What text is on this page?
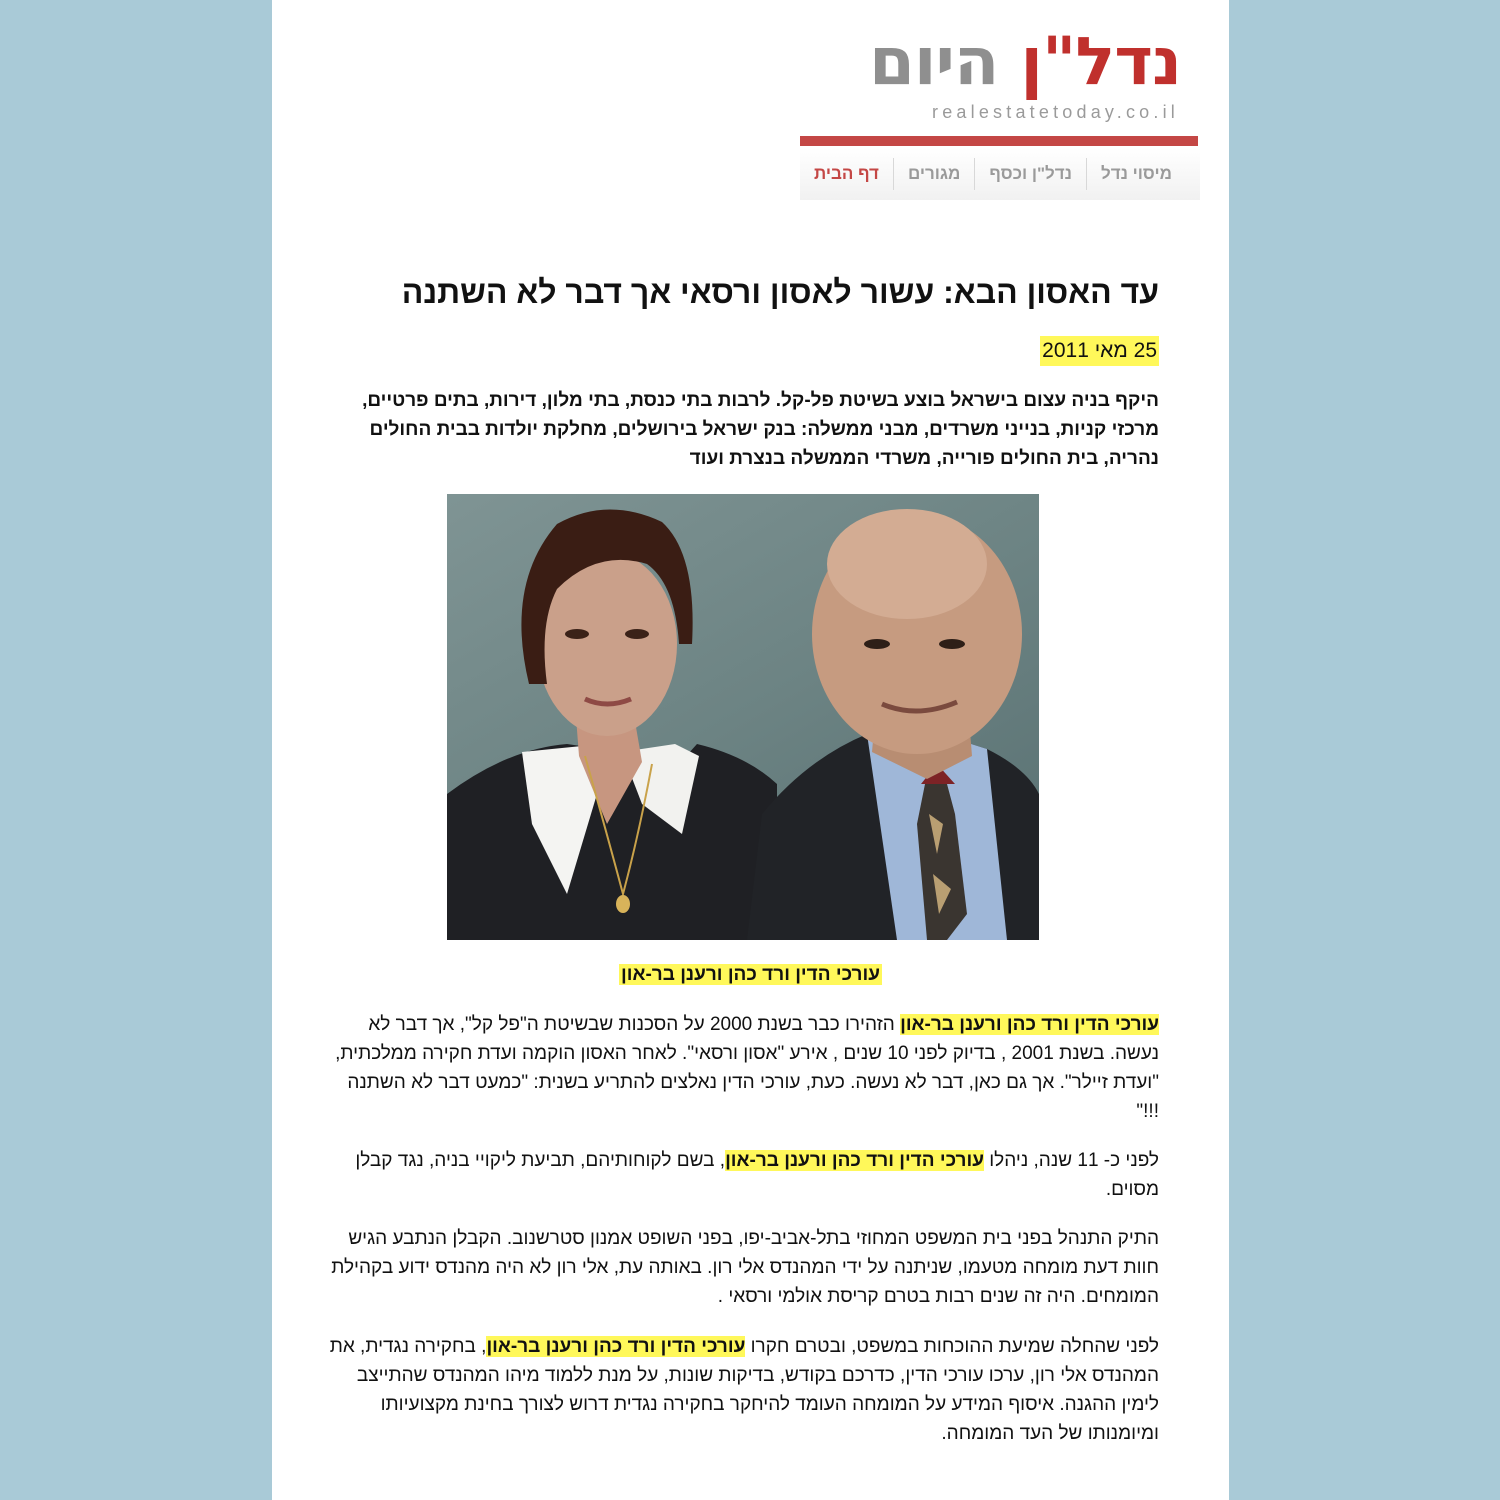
נדל"ן היום
realestatetoday.co.il
דף הבית	מגורים	נדל"ן וכסף	מיסוי נדל
עד האסון הבא: עשור לאסון ורסאי אך דבר לא השתנה
25 מאי 2011

היקף בניה עצום בישראל בוצע בשיטת פל-קל. לרבות בתי כנסת, בתי מלון, דירות, בתים פרטיים, מרכזי קניות, בנייני משרדים, מבני ממשלה: בנק ישראל בירושלים, מחלקת יולדות בבית החולים נהריה, בית החולים פורייה, משרדי הממשלה בנצרת ועוד

עורכי הדין ורד כהן ורענן בר-און

עורכי הדין ורד כהן ורענן בר-און הזהירו כבר בשנת 2000 על הסכנות שבשיטת ה"פל קל", אך דבר לא נעשה. בשנת 2001 , בדיוק לפני 10 שנים , אירע "אסון ורסאי". לאחר האסון הוקמה ועדת חקירה ממלכתית, "ועדת זיילר". אך גם כאן, דבר לא נעשה. כעת, עורכי הדין נאלצים להתריע בשנית: "כמעט דבר לא השתנה !!!"

לפני כ- 11 שנה, ניהלו עורכי הדין ורד כהן ורענן בר-און, בשם לקוחותיהם, תביעת ליקויי בניה, נגד קבלן מסוים.

התיק התנהל בפני בית המשפט המחוזי בתל-אביב-יפו, בפני השופט אמנון סטרשנוב. הקבלן הנתבע הגיש חוות דעת מומחה מטעמו, שניתנה על ידי המהנדס אלי רון. באותה עת, אלי רון לא היה מהנדס ידוע בקהילת המומחים. היה זה שנים רבות בטרם קריסת אולמי ורסאי .

לפני שהחלה שמיעת ההוכחות במשפט, ובטרם חקרו עורכי הדין ורד כהן ורענן בר-און, בחקירה נגדית, את המהנדס אלי רון, ערכו עורכי הדין, כדרכם בקודש, בדיקות שונות, על מנת ללמוד מיהו המהנדס שהתייצב לימין ההגנה. איסוף המידע על המומחה העומד להיחקר בחקירה נגדית דרוש לצורך בחינת מקצועיותו ומיומנותו של העד המומחה.
